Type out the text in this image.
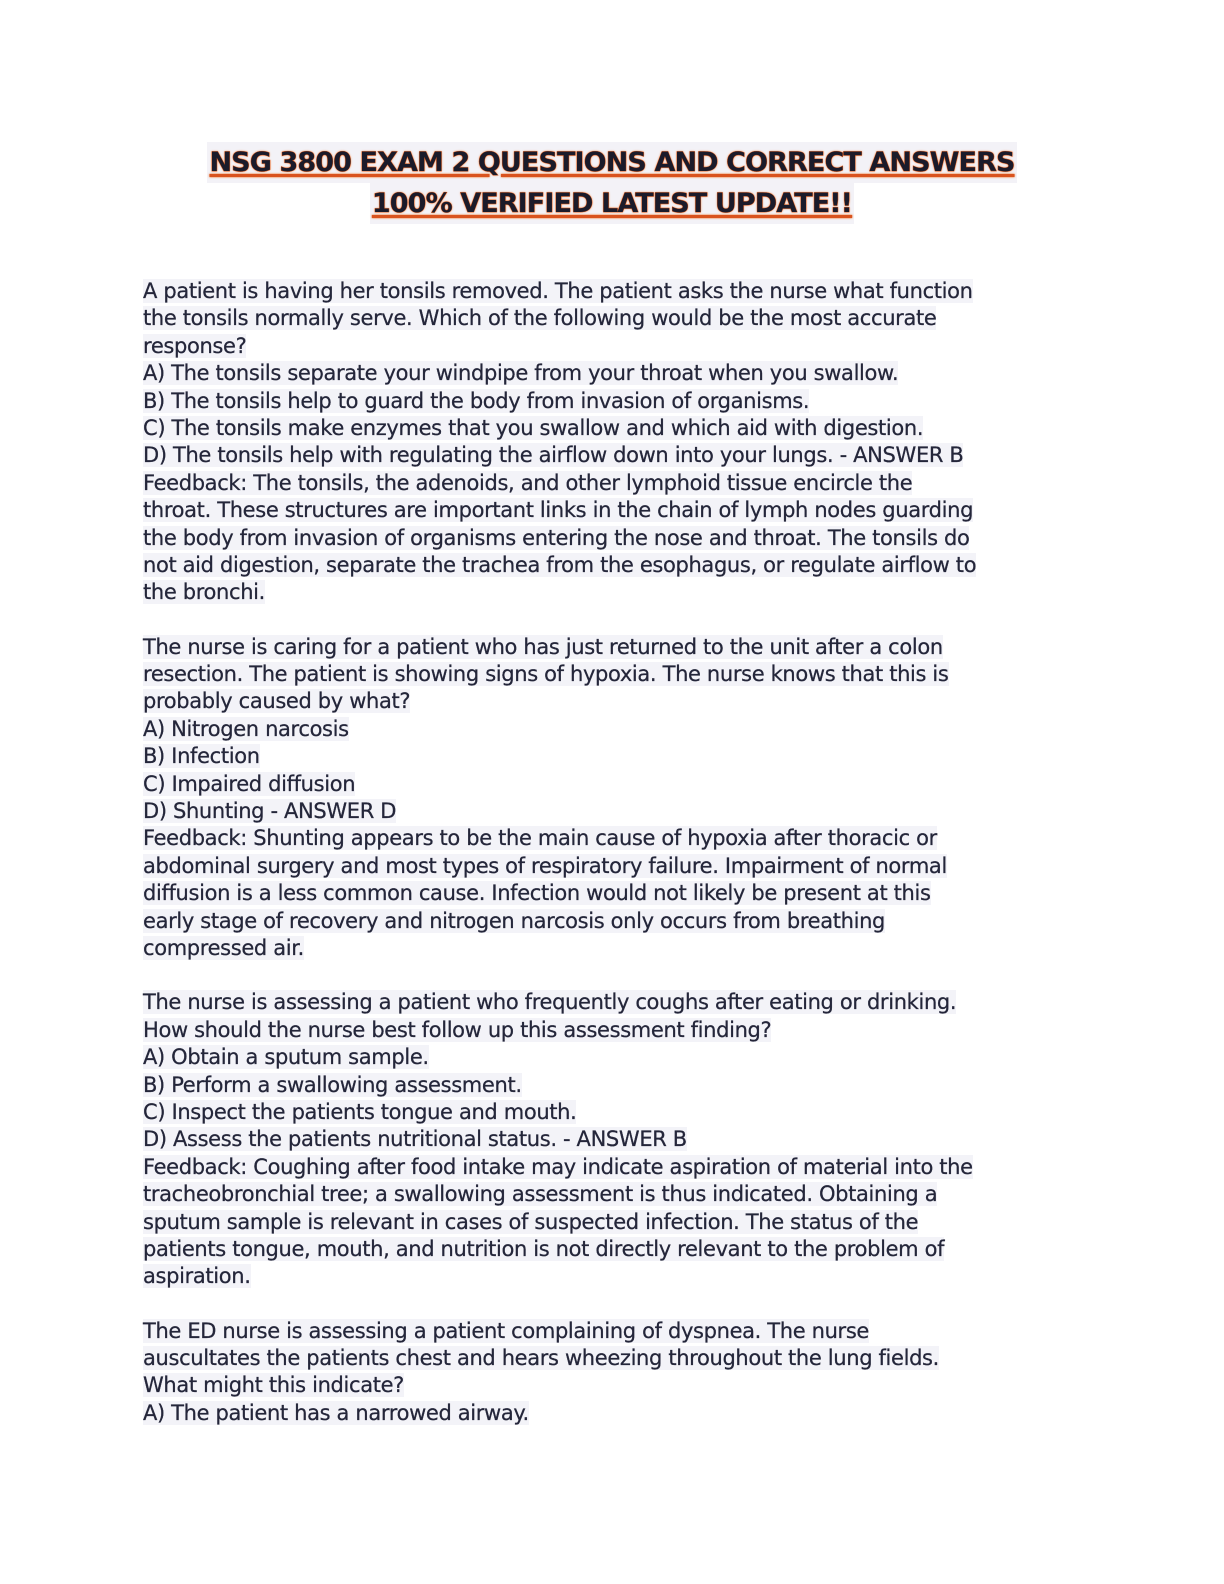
NSG 3800 EXAM 2 QUESTIONS AND CORRECT ANSWERS
100% VERIFIED LATEST UPDATE!!
A patient is having her tonsils removed. The patient asks the nurse what function
the tonsils normally serve. Which of the following would be the most accurate
response?
A) The tonsils separate your windpipe from your throat when you swallow.
B) The tonsils help to guard the body from invasion of organisms.
C) The tonsils make enzymes that you swallow and which aid with digestion.
D) The tonsils help with regulating the airflow down into your lungs. - ANSWER B
Feedback: The tonsils, the adenoids, and other lymphoid tissue encircle the
throat. These structures are important links in the chain of lymph nodes guarding
the body from invasion of organisms entering the nose and throat. The tonsils do
not aid digestion, separate the trachea from the esophagus, or regulate airflow to
the bronchi.
The nurse is caring for a patient who has just returned to the unit after a colon
resection. The patient is showing signs of hypoxia. The nurse knows that this is
probably caused by what?
A) Nitrogen narcosis
B) Infection
C) Impaired diffusion
D) Shunting - ANSWER D
Feedback: Shunting appears to be the main cause of hypoxia after thoracic or
abdominal surgery and most types of respiratory failure. Impairment of normal
diffusion is a less common cause. Infection would not likely be present at this
early stage of recovery and nitrogen narcosis only occurs from breathing
compressed air.
The nurse is assessing a patient who frequently coughs after eating or drinking.
How should the nurse best follow up this assessment finding?
A) Obtain a sputum sample.
B) Perform a swallowing assessment.
C) Inspect the patients tongue and mouth.
D) Assess the patients nutritional status. - ANSWER B
Feedback: Coughing after food intake may indicate aspiration of material into the
tracheobronchial tree; a swallowing assessment is thus indicated. Obtaining a
sputum sample is relevant in cases of suspected infection. The status of the
patients tongue, mouth, and nutrition is not directly relevant to the problem of
aspiration.
The ED nurse is assessing a patient complaining of dyspnea. The nurse
auscultates the patients chest and hears wheezing throughout the lung fields.
What might this indicate?
A) The patient has a narrowed airway.
